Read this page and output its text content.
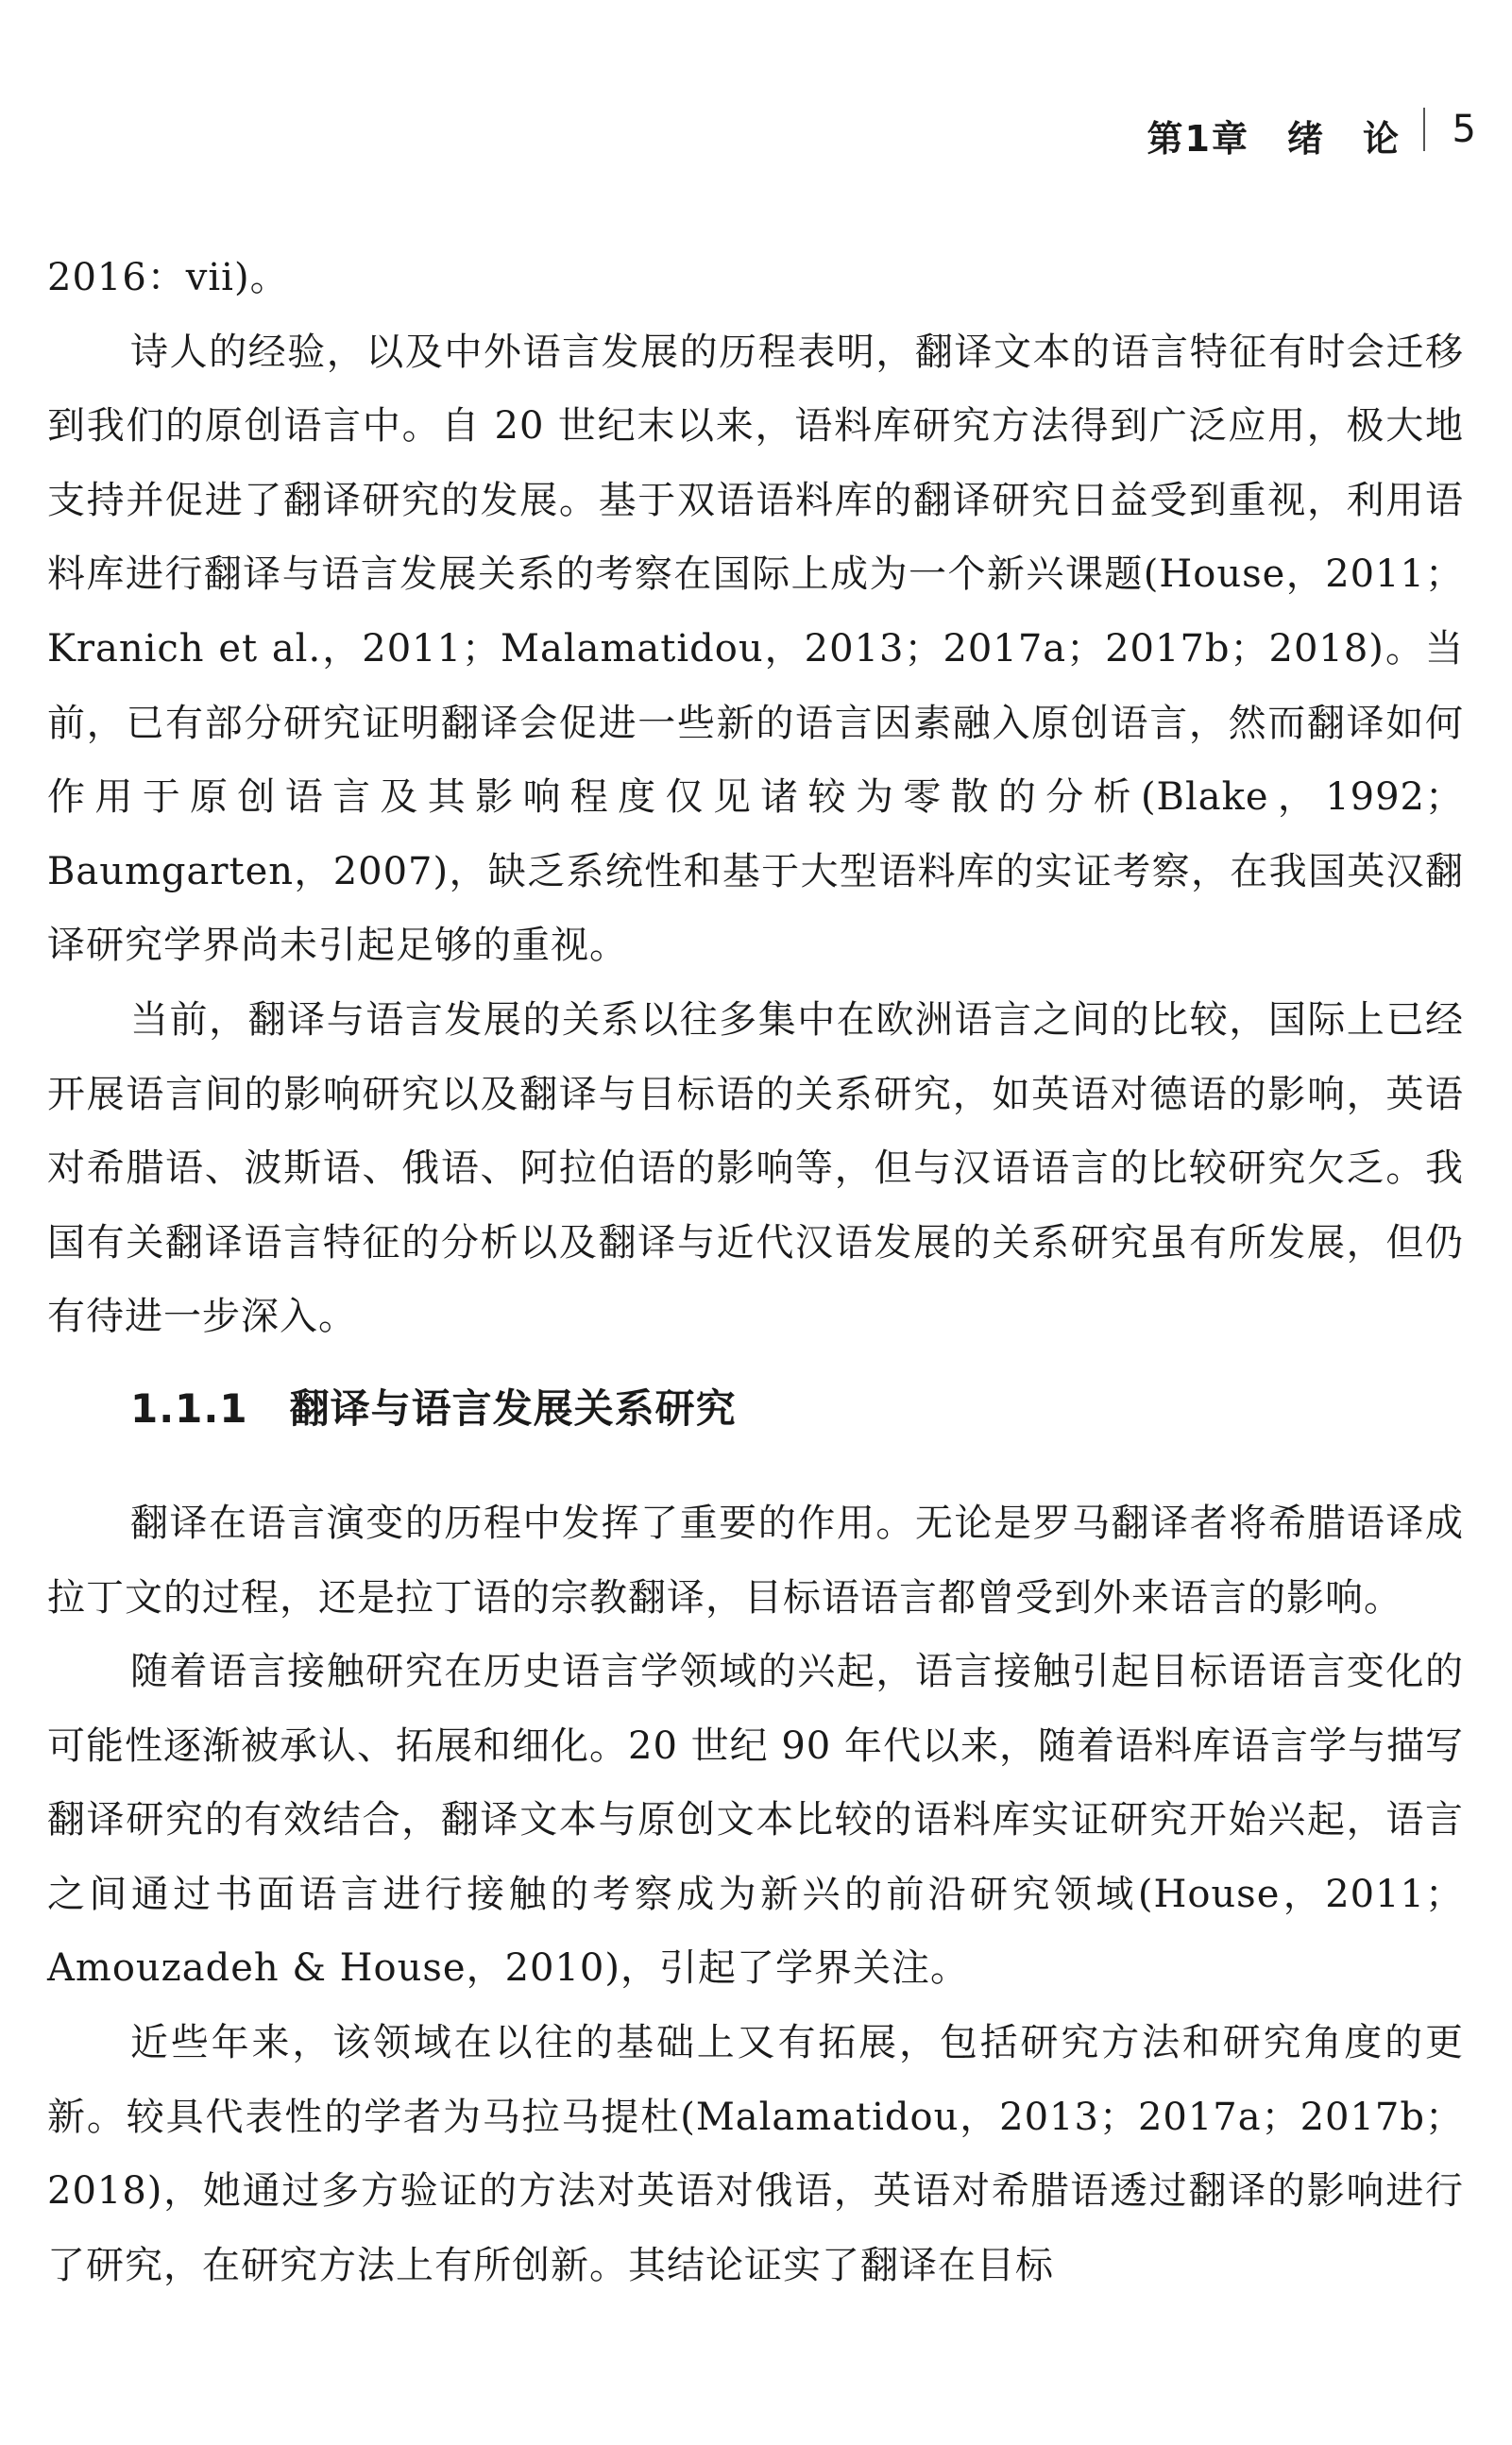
第1章　绪　论 5

2016：vii)。

诗人的经验，以及中外语言发展的历程表明，翻译文本的语言特征有时会迁移到我们的原创语言中。自 20 世纪末以来，语料库研究方法得到广泛应用，极大地支持并促进了翻译研究的发展。基于双语语料库的翻译研究日益受到重视，利用语料库进行翻译与语言发展关系的考察在国际上成为一个新兴课题(House，2011；Kranich et al.，2011；Malamatidou，2013；2017a；2017b；2018)。当前，已有部分研究证明翻译会促进一些新的语言因素融入原创语言，然而翻译如何作用于原创语言及其影响程度仅见诸较为零散的分析(Blake，1992；Baumgarten，2007)，缺乏系统性和基于大型语料库的实证考察，在我国英汉翻译研究学界尚未引起足够的重视。

当前，翻译与语言发展的关系以往多集中在欧洲语言之间的比较，国际上已经开展语言间的影响研究以及翻译与目标语的关系研究，如英语对德语的影响，英语对希腊语、波斯语、俄语、阿拉伯语的影响等，但与汉语语言的比较研究欠乏。我国有关翻译语言特征的分析以及翻译与近代汉语发展的关系研究虽有所发展，但仍有待进一步深入。

1.1.1 翻译与语言发展关系研究

翻译在语言演变的历程中发挥了重要的作用。无论是罗马翻译者将希腊语译成拉丁文的过程，还是拉丁语的宗教翻译，目标语语言都曾受到外来语言的影响。

随着语言接触研究在历史语言学领域的兴起，语言接触引起目标语语言变化的可能性逐渐被承认、拓展和细化。20 世纪 90 年代以来，随着语料库语言学与描写翻译研究的有效结合，翻译文本与原创文本比较的语料库实证研究开始兴起，语言之间通过书面语言进行接触的考察成为新兴的前沿研究领域(House，2011；Amouzadeh & House，2010)，引起了学界关注。

近些年来，该领域在以往的基础上又有拓展，包括研究方法和研究角度的更新。较具代表性的学者为马拉马提杜(Malamatidou，2013；2017a；2017b；2018)，她通过多方验证的方法对英语对俄语，英语对希腊语透过翻译的影响进行了研究，在研究方法上有所创新。其结论证实了翻译在目标
